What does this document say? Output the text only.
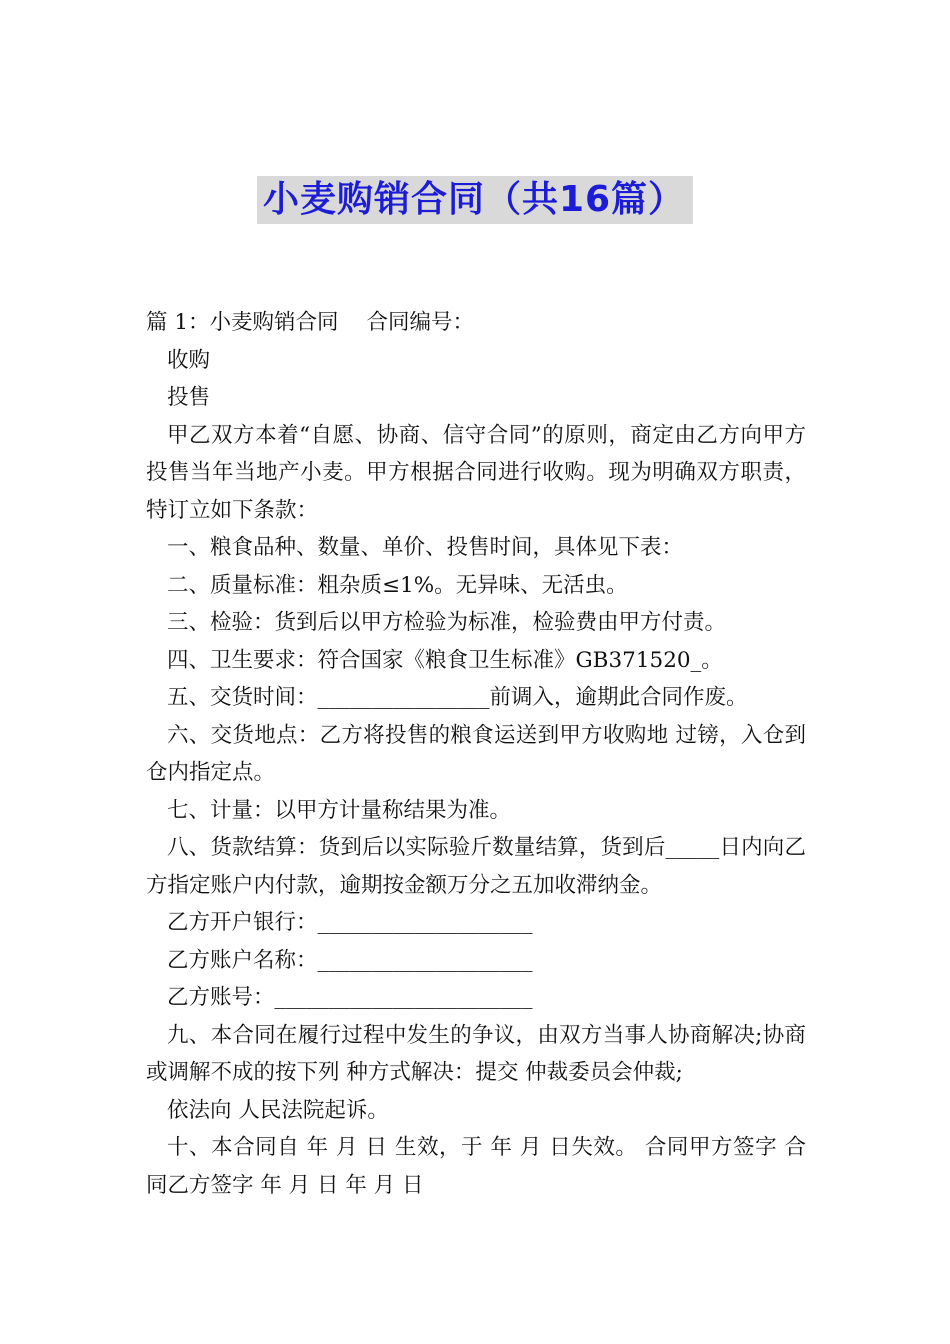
小麦购销合同（共16篇）

篇 1：小麦购销合同 合同编号：

收购

投售

甲乙双方本着“自愿、协商、信守合同”的原则，商定由乙方向甲方投售当年当地产小麦。甲方根据合同进行收购。现为明确双方职责，特订立如下条款：

一、粮食品种、数量、单价、投售时间，具体见下表：

二、质量标准：粗杂质≤1%。无异味、无活虫。

三、检验：货到后以甲方检验为标准，检验费由甲方付责。

四、卫生要求：符合国家《粮食卫生标准》GB371520_。

五、交货时间：________________前调入，逾期此合同作废。

六、交货地点：乙方将投售的粮食运送到甲方收购地 过镑，入仓到仓内指定点。

七、计量：以甲方计量称结果为准。

八、货款结算：货到后以实际验斤数量结算，货到后_____日内向乙方指定账户内付款，逾期按金额万分之五加收滞纳金。

乙方开户银行：____________________

乙方账户名称：____________________

乙方账号：________________________

九、本合同在履行过程中发生的争议，由双方当事人协商解决;协商或调解不成的按下列 种方式解决：提交 仲裁委员会仲裁;

依法向 人民法院起诉。

十、本合同自 年 月 日 生效，于 年 月 日失效。 合同甲方签字 合同乙方签字 年 月 日 年 月 日
